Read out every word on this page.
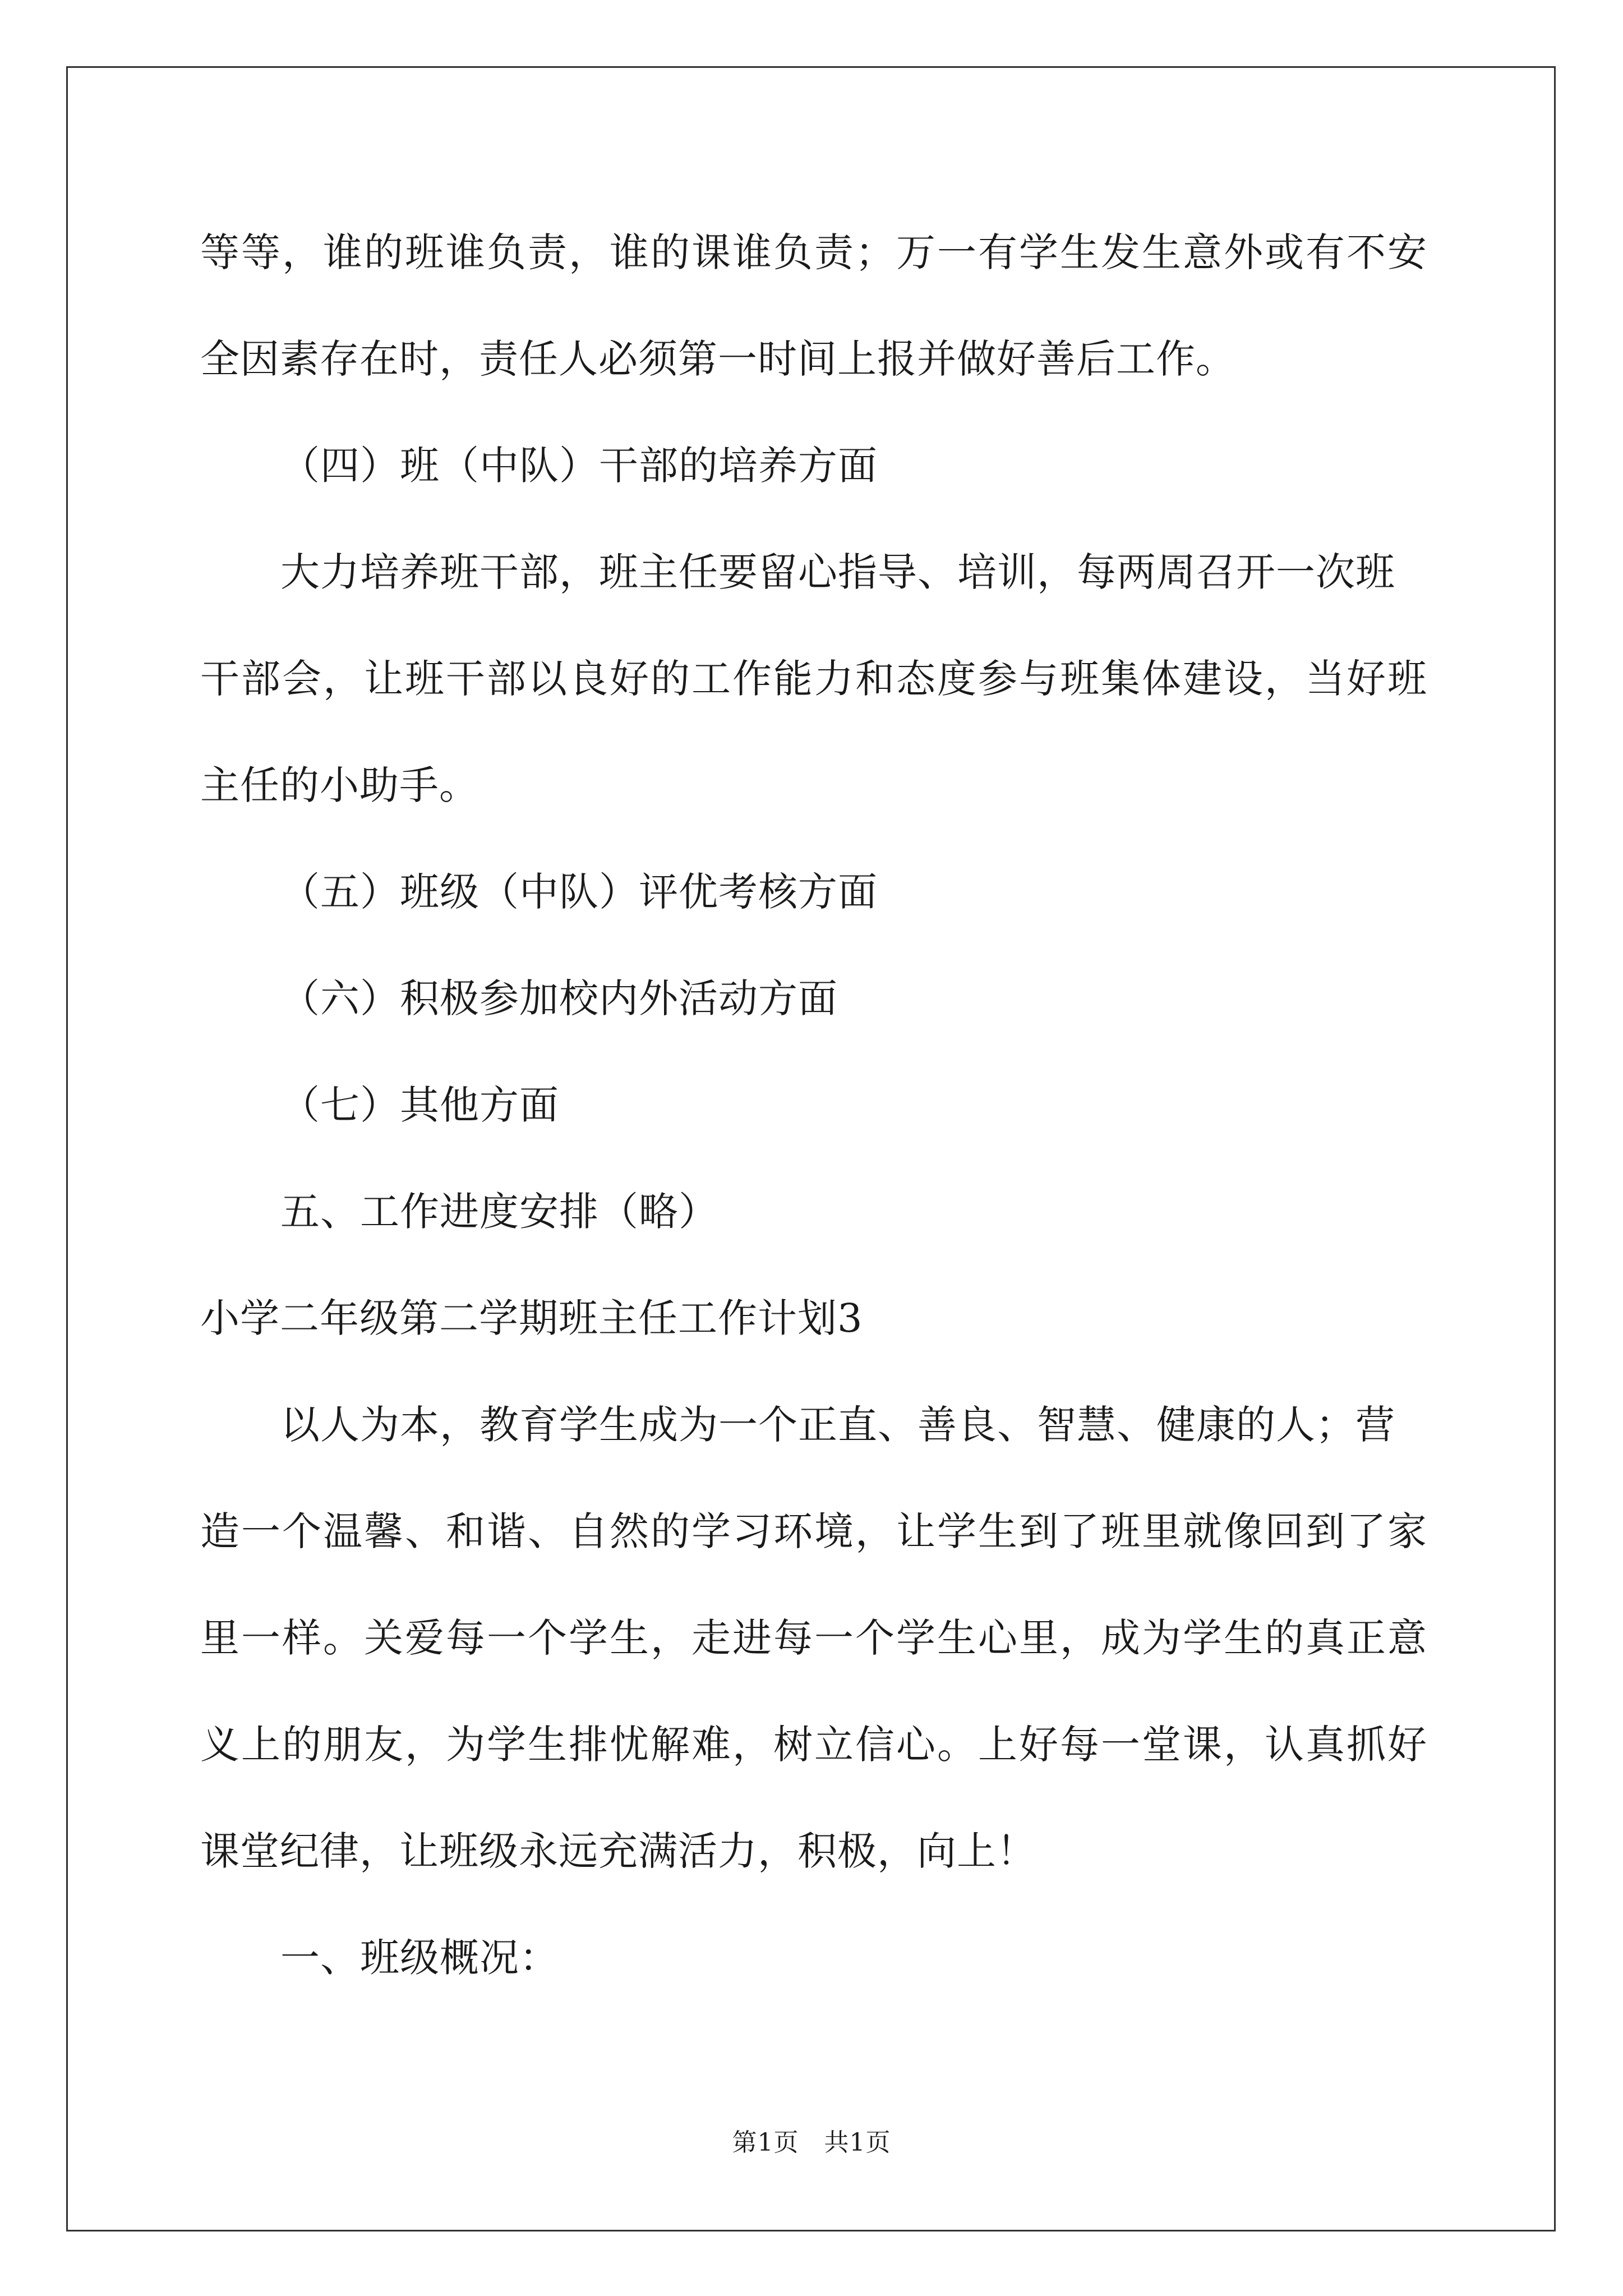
等等，谁的班谁负责，谁的课谁负责；万一有学生发生意外或有不安
全因素存在时，责任人必须第一时间上报并做好善后工作。
（四）班（中队）干部的培养方面
大力培养班干部，班主任要留心指导、培训，每两周召开一次班
干部会，让班干部以良好的工作能力和态度参与班集体建设，当好班
主任的小助手。
（五）班级（中队）评优考核方面
（六）积极参加校内外活动方面
（七）其他方面
五、工作进度安排（略）
小学二年级第二学期班主任工作计划3
以人为本，教育学生成为一个正直、善良、智慧、健康的人；营
造一个温馨、和谐、自然的学习环境，让学生到了班里就像回到了家
里一样。关爱每一个学生，走进每一个学生心里，成为学生的真正意
义上的朋友，为学生排忧解难，树立信心。上好每一堂课，认真抓好
课堂纪律，让班级永远充满活力，积极，向上！
一、班级概况：
第1页　共1页
